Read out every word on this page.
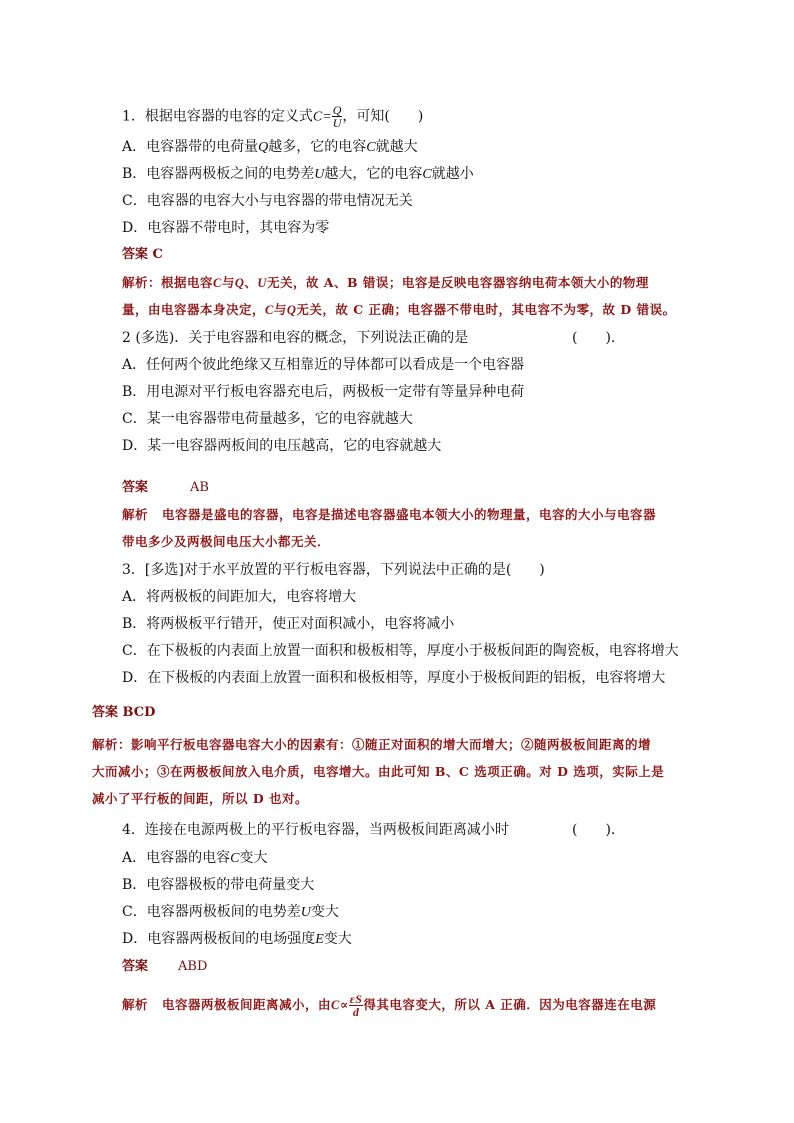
1．根据电容器的电容的定义式$C= \frac{Q}{U}$ ，可知(　　)
A．电容器带的电荷量Q越多，它的电容C就越大
B．电容器两极板之间的电势差U越大，它的电容C就越小
C．电容器的电容大小与电容器的带电情况无关
D．电容器不带电时，其电容为零
答案 C
解析：根据电容C与Q、U无关，故 A、B 错误；电容是反映电容器容纳电荷本领大小的物理
量，由电容器本身决定，C与Q无关，故 C 正确；电容器不带电时，其电容不为零，故 D 错误。
2 (多选)．关于电容器和电容的概念，下列说法正确的是	(　　)．
A．任何两个彼此绝缘又互相靠近的导体都可以看成是一个电容器
B．用电源对平行板电容器充电后，两极板一定带有等量异种电荷
C．某一电容器带电荷量越多，它的电容就越大
D．某一电容器两板间的电压越高，它的电容就越大
答案	AB
解析 电容器是盛电的容器，电容是描述电容器盛电本领大小的物理量，电容的大小与电容器
带电多少及两极间电压大小都无关．
3．[多选]对于水平放置的平行板电容器，下列说法中正确的是(　　)
A．将两极板的间距加大，电容将增大
B．将两极板平行错开，使正对面积减小，电容将减小
C．在下极板的内表面上放置一面积和极板相等，厚度小于极板间距的陶瓷板，电容将增大
D．在下极板的内表面上放置一面积和极板相等，厚度小于极板间距的铝板，电容将增大
答案 BCD
解析：影响平行板电容器电容大小的因素有：①随正对面积的增大而增大；②随两极板间距离的增
大而减小；③在两极板间放入电介质，电容增大。由此可知 B、C 选项正确。对 D 选项，实际上是
减小了平行板的间距，所以 D 也对。
4．连接在电源两极上的平行板电容器，当两极板间距离减小时	(　　)．
A．电容器的电容C变大
B．电容器极板的带电荷量变大
C．电容器两极板间的电势差U变大
D．电容器两极板间的电场强度E变大
答案 ABD
解析 电容器两极板间距离减小，由$C\propto \frac{\varepsilon S}{d}$ 得其电容变大，所以 A 正确．因为电容器连在电源
